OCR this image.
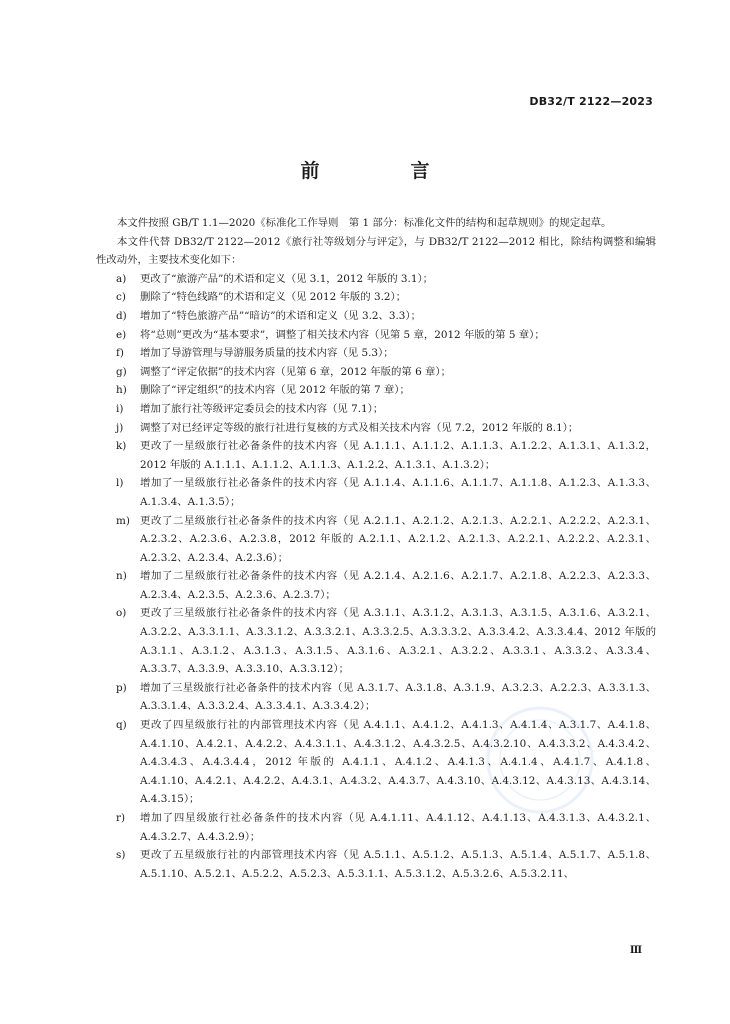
DB32/T 2122—2023
前　言

本文件按照 GB/T 1.1—2020《标准化工作导则　第 1 部分：标准化文件的结构和起草规则》的规定起草。

本文件代替 DB32/T 2122—2012《旅行社等级划分与评定》，与 DB32/T 2122—2012 相比，除结构调整和编辑性改动外，主要技术变化如下：

a)	更改了“旅游产品”的术语和定义（见 3.1，2012 年版的 3.1）；
c)	删除了“特色线路”的术语和定义（见 2012 年版的 3.2）；
d)	增加了“特色旅游产品”“暗访”的术语和定义（见 3.2、3.3）；
e)	将“总则”更改为“基本要求”，调整了相关技术内容（见第 5 章，2012 年版的第 5 章）；
f)	增加了导游管理与导游服务质量的技术内容（见 5.3）；
g)	调整了“评定依据”的技术内容（见第 6 章，2012 年版的第 6 章）；
h)	删除了“评定组织”的技术内容（见 2012 年版的第 7 章）；
i)	增加了旅行社等级评定委员会的技术内容（见 7.1）；
j)	调整了对已经评定等级的旅行社进行复核的方式及相关技术内容（见 7.2，2012 年版的 8.1）；
k)	更改了一星级旅行社必备条件的技术内容（见 A.1.1.1、A.1.1.2、A.1.1.3、A.1.2.2、A.1.3.1、A.1.3.2，2012 年版的 A.1.1.1、A.1.1.2、A.1.1.3、A.1.2.2、A.1.3.1、A.1.3.2）；
l)	增加了一星级旅行社必备条件的技术内容（见 A.1.1.4、A.1.1.6、A.1.1.7、A.1.1.8、A.1.2.3、A.1.3.3、A.1.3.4、A.1.3.5）；
m) 更改了二星级旅行社必备条件的技术内容（见 A.2.1.1、A.2.1.2、A.2.1.3、A.2.2.1、A.2.2.2、A.2.3.1、A.2.3.2、A.2.3.6、A.2.3.8，2012 年版的 A.2.1.1、A.2.1.2、A.2.1.3、A.2.2.1、A.2.2.2、A.2.3.1、A.2.3.2、A.2.3.4、A.2.3.6）；
n)	增加了二星级旅行社必备条件的技术内容（见 A.2.1.4、A.2.1.6、A.2.1.7、A.2.1.8、A.2.2.3、A.2.3.3、A.2.3.4、A.2.3.5、A.2.3.6、A.2.3.7）；
o)	更改了三星级旅行社必备条件的技术内容（见 A.3.1.1、A.3.1.2、A.3.1.3、A.3.1.5、A.3.1.6、A.3.2.1、A.3.2.2、A.3.3.1.1、A.3.3.1.2、A.3.3.2.1、A.3.3.2.5、A.3.3.3.2、A.3.3.4.2、A.3.3.4.4、2012 年版的 A.3.1.1、A.3.1.2、A.3.1.3、A.3.1.5、A.3.1.6、A.3.2.1、A.3.2.2、A.3.3.1、A.3.3.2、A.3.3.4、A.3.3.7、A.3.3.9、A.3.3.10、A.3.3.12）；
p)	增加了三星级旅行社必备条件的技术内容（见 A.3.1.7、A.3.1.8、A.3.1.9、A.3.2.3、A.2.2.3、A.3.3.1.3、A.3.3.1.4、A.3.3.2.4、A.3.3.4.1、A.3.3.4.2）；
q)	更改了四星级旅行社的内部管理技术内容（见 A.4.1.1、A.4.1.2、A.4.1.3、A.4.1.4、A.3.1.7、A.4.1.8、A.4.1.10、A.4.2.1、A.4.2.2、A.4.3.1.1、A.4.3.1.2、A.4.3.2.5、A.4.3.2.10、A.4.3.3.2、A.4.3.4.2、A.4.3.4.3、A.4.3.4.4，2012 年版的 A.4.1.1、A.4.1.2、A.4.1.3、A.4.1.4、A.4.1.7、A.4.1.8、A.4.1.10、A.4.2.1、A.4.2.2、A.4.3.1、A.4.3.2、A.4.3.7、A.4.3.10、A.4.3.12、A.4.3.13、A.4.3.14、A.4.3.15）；
r)	增加了四星级旅行社必备条件的技术内容（见 A.4.1.11、A.4.1.12、A.4.1.13、A.4.3.1.3、A.4.3.2.1、A.4.3.2.7、A.4.3.2.9）；
s)	更改了五星级旅行社的内部管理技术内容（见 A.5.1.1、A.5.1.2、A.5.1.3、A.5.1.4、A.5.1.7、A.5.1.8、A.5.1.10、A.5.2.1、A.5.2.2、A.5.2.3、A.5.3.1.1、A.5.3.1.2、A.5.3.2.6、A.5.3.2.11、
Ⅲ
